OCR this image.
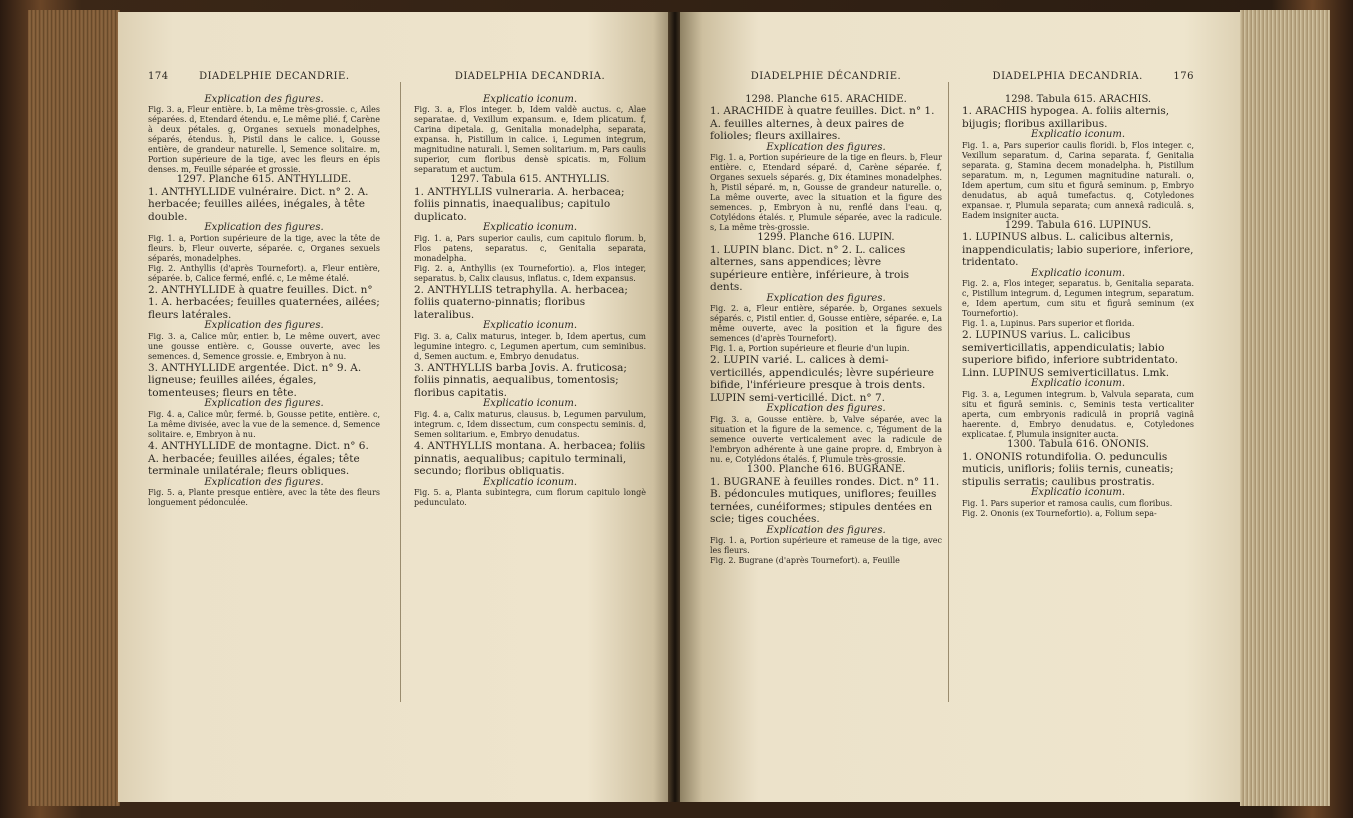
174	DIADELPHIE DECANDRIE.

Explication des figures.

Fig. 3. a, Fleur entière. b, La même très-grossie. c, Ailes séparées. d, Etendard étendu. e, Le même plié. f, Carène à deux pétales. g, Organes sexuels monadelphes, séparés, étendus. h, Pistil dans le calice. i, Gousse entière, de grandeur naturelle. l, Semence solitaire. m, Portion supérieure de la tige, avec les fleurs en épis denses. m, Feuille séparée et grossie.

1297. Planche 615. ANTHYLLIDE.

1. ANTHYLLIDE vulnéraire. Dict. n° 2. A. herbacée; feuilles ailées, inégales, à tête double.

Explication des figures.

Fig. 1. a, Portion supérieure de la tige, avec la tête de fleurs. b, Fleur ouverte, séparée. c, Organes sexuels séparés, monadelphes.

Fig. 2. Anthyllis (d'après Tournefort). a, Fleur entière, séparée. b, Calice fermé, enflé. c, Le même étalé.

2. ANTHYLLIDE à quatre feuilles. Dict. n° 1. A. herbacées; feuilles quaternées, ailées; fleurs latérales.

Explication des figures.

Fig. 3. a, Calice mûr, entier. b, Le même ouvert, avec une gousse entière. c, Gousse ouverte, avec les semences. d, Semence grossie. e, Embryon à nu.

3. ANTHYLLIDE argentée. Dict. n° 9. A. ligneuse; feuilles ailées, égales, tomenteuses; fleurs en tête.

Explication des figures.

Fig. 4. a, Calice mûr, fermé. b, Gousse petite, entière. c, La même divisée, avec la vue de la semence. d, Semence solitaire. e, Embryon à nu.

4. ANTHYLLIDE de montagne. Dict. n° 6. A. herbacée; feuilles ailées, égales; tête terminale unilatérale; fleurs obliques.

Explication des figures.

Fig. 5. a, Plante presque entière, avec la tête des fleurs longuement pédonculée.

DIADELPHIA DECANDRIA.

Explicatio iconum.

Fig. 3. a, Flos integer. b, Idem valdè auctus. c, Alae separatae. d, Vexillum expansum. e, Idem plicatum. f, Carina dipetala. g, Genitalia monadelpha, separata, expansa. h, Pistillum in calice. i, Legumen integrum, magnitudine naturali. l, Semen solitarium. m, Pars caulis superior, cum floribus densè spicatis. m, Folium separatum et auctum.

1297. Tabula 615. ANTHYLLIS.

1. ANTHYLLIS vulneraria. A. herbacea; foliis pinnatis, inaequalibus; capitulo duplicato.

Explicatio iconum.

Fig. 1. a, Pars superior caulis, cum capitulo florum. b, Flos patens, separatus. c, Genitalia separata, monadelpha.

Fig. 2. a, Anthyllis (ex Tournefortio). a, Flos integer, separatus. b, Calix clausus, inflatus. c, Idem expansus.

2. ANTHYLLIS tetraphylla. A. herbacea; foliis quaterno-pinnatis; floribus lateralibus.

Explicatio iconum.

Fig. 3. a, Calix maturus, integer. b, Idem apertus, cum legumine integro. c, Legumen apertum, cum seminibus. d, Semen auctum. e, Embryo denudatus.

3. ANTHYLLIS barba Jovis. A. fruticosa; foliis pinnatis, aequalibus, tomentosis; floribus capitatis.

Explicatio iconum.

Fig. 4. a, Calix maturus, clausus. b, Legumen parvulum, integrum. c, Idem dissectum, cum conspectu seminis. d, Semen solitarium. e, Embryo denudatus.

4. ANTHYLLIS montana. A. herbacea; foliis pinnatis, aequalibus; capitulo terminali, secundo; floribus obliquatis.

Explicatio iconum.

Fig. 5. a, Planta subintegra, cum florum capitulo longè pedunculato.

DIADELPHIE DÉCANDRIE.

1298. Planche 615. ARACHIDE.

1. ARACHIDE à quatre feuilles. Dict. n° 1. A. feuilles alternes, à deux paires de folioles; fleurs axillaires.

Explication des figures.

Fig. 1. a, Portion supérieure de la tige en fleurs. b, Fleur entière. c, Etendard séparé. d, Carène séparée. f, Organes sexuels séparés. g, Dix étamines monadelphes. h, Pistil séparé. m, n, Gousse de grandeur naturelle. o, La même ouverte, avec la situation et la figure des semences. p, Embryon à nu, renflé dans l'eau. q, Cotylédons étalés. r, Plumule séparée, avec la radicule. s, La même très-grossie.

1299. Planche 616. LUPIN.

1. LUPIN blanc. Dict. n° 2. L. calices alternes, sans appendices; lèvre supérieure entière, inférieure, à trois dents.

Explication des figures.

Fig. 2. a, Fleur entière, séparée. b, Organes sexuels séparés. c, Pistil entier. d, Gousse entière, séparée. e, La même ouverte, avec la position et la figure des semences (d'après Tournefort).

Fig. 1. a, Portion supérieure et fleurie d'un lupin.

2. LUPIN varié. L. calices à demi-verticillés, appendiculés; lèvre supérieure bifide, l'inférieure presque à trois dents. LUPIN semi-verticillé. Dict. n° 7.

Explication des figures.

Fig. 3. a, Gousse entière. b, Valve séparée, avec la situation et la figure de la semence. c, Tégument de la semence ouverte verticalement avec la radicule de l'embryon adhérente à une gaine propre. d, Embryon à nu. e, Cotylédons étalés. f, Plumule très-grossie.

1300. Planche 616. BUGRANE.

1. BUGRANE à feuilles rondes. Dict. n° 11. B. pédoncules mutiques, uniflores; feuilles ternées, cunéiformes; stipules dentées en scie; tiges couchées.

Explication des figures.

Fig. 1. a, Portion supérieure et rameuse de la tige, avec les fleurs.

Fig. 2. Bugrane (d'après Tournefort). a, Feuille

176
DIADELPHIA DECANDRIA.

1298. Tabula 615. ARACHIS.

1. ARACHIS hypogea. A. foliis alternis, bijugis; floribus axillaribus.

Explicatio iconum.

Fig. 1. a, Pars superior caulis floridi. b, Flos integer. c, Vexillum separatum. d, Carina separata. f, Genitalia separata. g, Stamina decem monadelpha. h, Pistillum separatum. m, n, Legumen magnitudine naturali. o, Idem apertum, cum situ et figurâ seminum. p, Embryo denudatus, ab aquâ tumefactus. q, Cotyledones expansae. r, Plumula separata; cum annexâ radiculâ. s, Eadem insigniter aucta.

1299. Tabula 616. LUPINUS.

1. LUPINUS albus. L. calicibus alternis, inappendiculatis; labio superiore, inferiore, tridentato.

Explicatio iconum.

Fig. 2. a, Flos integer, separatus. b, Genitalia separata. c, Pistillum integrum. d, Legumen integrum, separatum. e, Idem apertum, cum situ et figurâ seminum (ex Tournefortio).

Fig. 1. a, Lupinus. Pars superior et florida.

2. LUPINUS varius. L. calicibus semiverticillatis, appendiculatis; labio superiore bifido, inferiore subtridentato. Linn. LUPINUS semiverticillatus. Lmk.

Explicatio iconum.

Fig. 3. a, Legumen integrum. b, Valvula separata, cum situ et figurâ seminis. c, Seminis testa verticaliter aperta, cum embryonis radiculâ in propriâ vaginâ haerente. d, Embryo denudatus. e, Cotyledones explicatae. f, Plumula insigniter aucta.

1300. Tabula 616. ONONIS.

1. ONONIS rotundifolia. O. pedunculis muticis, unifloris; foliis ternis, cuneatis; stipulis serratis; caulibus prostratis.

Explicatio iconum.

Fig. 1. Pars superior et ramosa caulis, cum floribus.

Fig. 2. Ononis (ex Tournefortio). a, Folium sepa-
